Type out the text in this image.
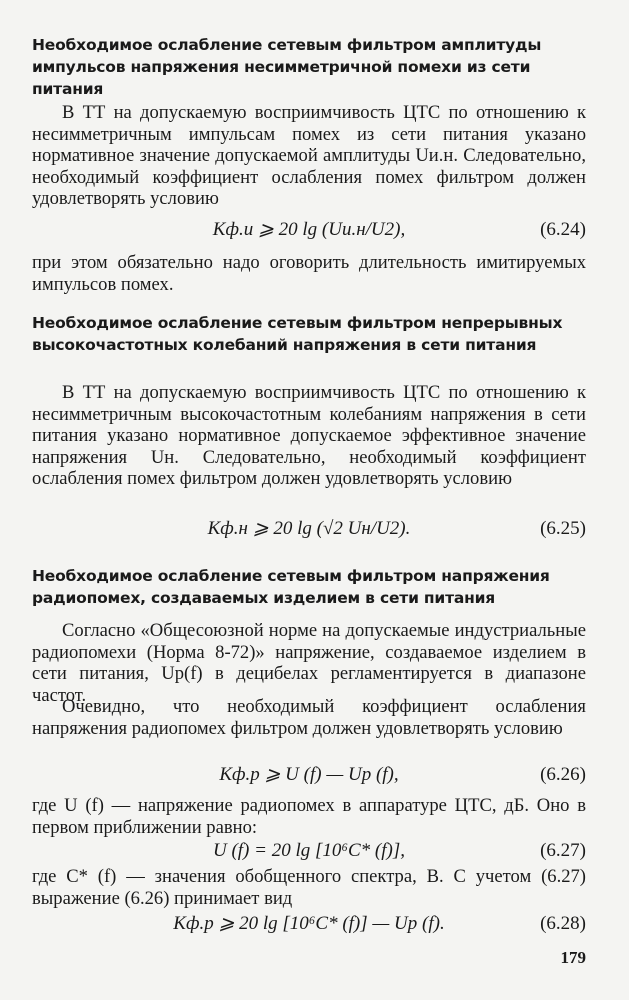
Необходимое ослабление сетевым фильтром амплитуды импульсов напряжения несимметричной помехи из сети питания
В ТТ на допускаемую восприимчивость ЦТС по отношению к несимметричным импульсам помех из сети питания указано нормативное значение допускаемой амплитуды Uи.н. Следовательно, необходимый коэффициент ослабления помех фильтром должен удовлетворять условию
Kф.и ⩾ 20 lg (Uи.н/U2),	(6.24)
при этом обязательно надо оговорить длительность имитируемых импульсов помех.
Необходимое ослабление сетевым фильтром непрерывных высокочастотных колебаний напряжения в сети питания
В ТТ на допускаемую восприимчивость ЦТС по отношению к несимметричным высокочастотным колебаниям напряжения в сети питания указано нормативное допускаемое эффективное значение напряжения Uн. Следовательно, необходимый коэффициент ослабления помех фильтром должен удовлетворять условию
Kф.н ⩾ 20 lg (√2 Uн/U2).	(6.25)
Необходимое ослабление сетевым фильтром напряжения радиопомех, создаваемых изделием в сети питания
Согласно «Общесоюзной норме на допускаемые индустриальные радиопомехи (Норма 8-72)» напряжение, создаваемое изделием в сети питания, Uр(f) в децибелах регламентируется в диапазоне частот.
Очевидно, что необходимый коэффициент ослабления напряжения радиопомех фильтром должен удовлетворять условию
Kф.р ⩾ U (f) — Uр (f),	(6.26)
где U (f) — напряжение радиопомех в аппаратуре ЦТС, дБ. Оно в первом приближении равно:
U (f) = 20 lg [10⁶C* (f)],	(6.27)
где C* (f) — значения обобщенного спектра, В. С учетом (6.27) выражение (6.26) принимает вид
Kф.р ⩾ 20 lg [10⁶C* (f)] — Uр (f).	(6.28)
179
